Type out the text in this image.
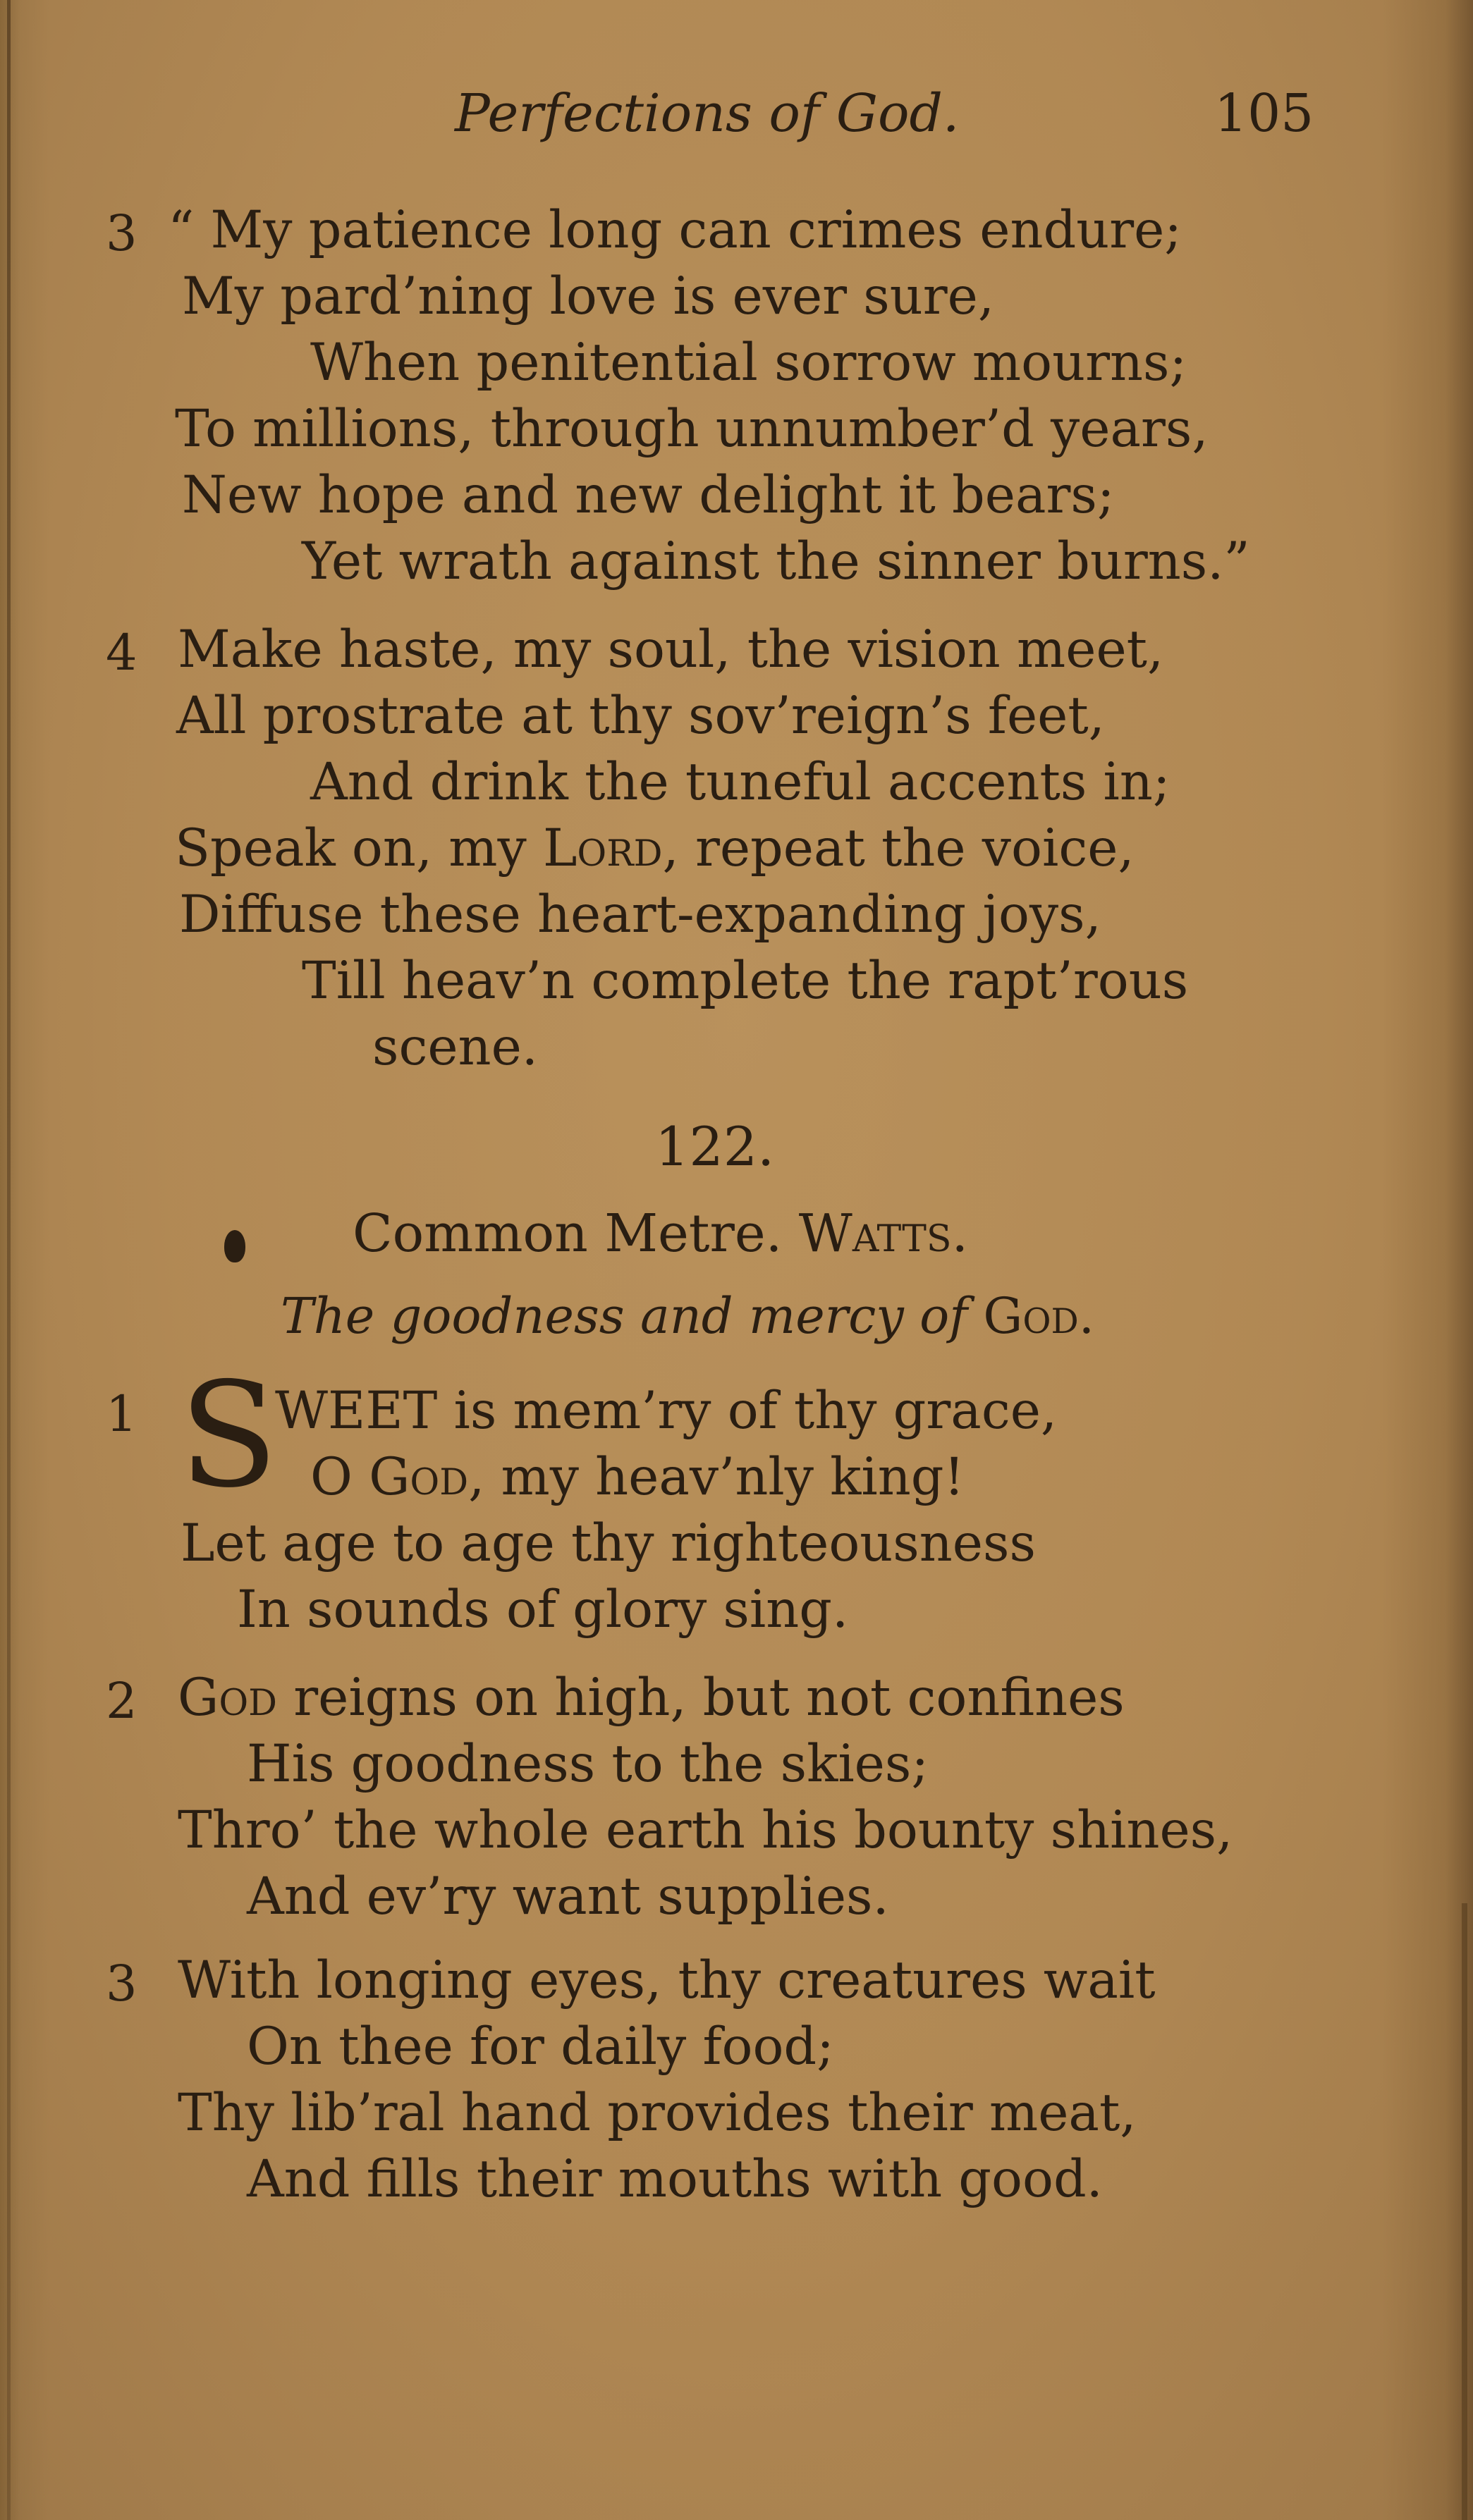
Perfections of God.	105
3 “ My patience long can crimes endure;
My pard’ning love is ever sure,
When penitential sorrow mourns;
To millions, through unnumber’d years,
New hope and new delight it bears;
Yet wrath against the sinner burns.”
4 Make haste, my soul, the vision meet,
All prostrate at thy sov’reign’s feet,
And drink the tuneful accents in;
Speak on, my Lord, repeat the voice,
Diffuse these heart-expanding joys,
Till heav’n complete the rapt’rous
scene.
122.
Common Metre. Watts.
The goodness and mercy of God.
1 S
WEET is mem’ry of thy grace,
O God, my heav’nly king!
Let age to age thy righteousness
In sounds of glory sing.
2 God reigns on high, but not confines
His goodness to the skies;
Thro’ the whole earth his bounty shines,
And ev’ry want supplies.
3 With longing eyes, thy creatures wait
On thee for daily food;
Thy lib’ral hand provides their meat,
And fills their mouths with good.
